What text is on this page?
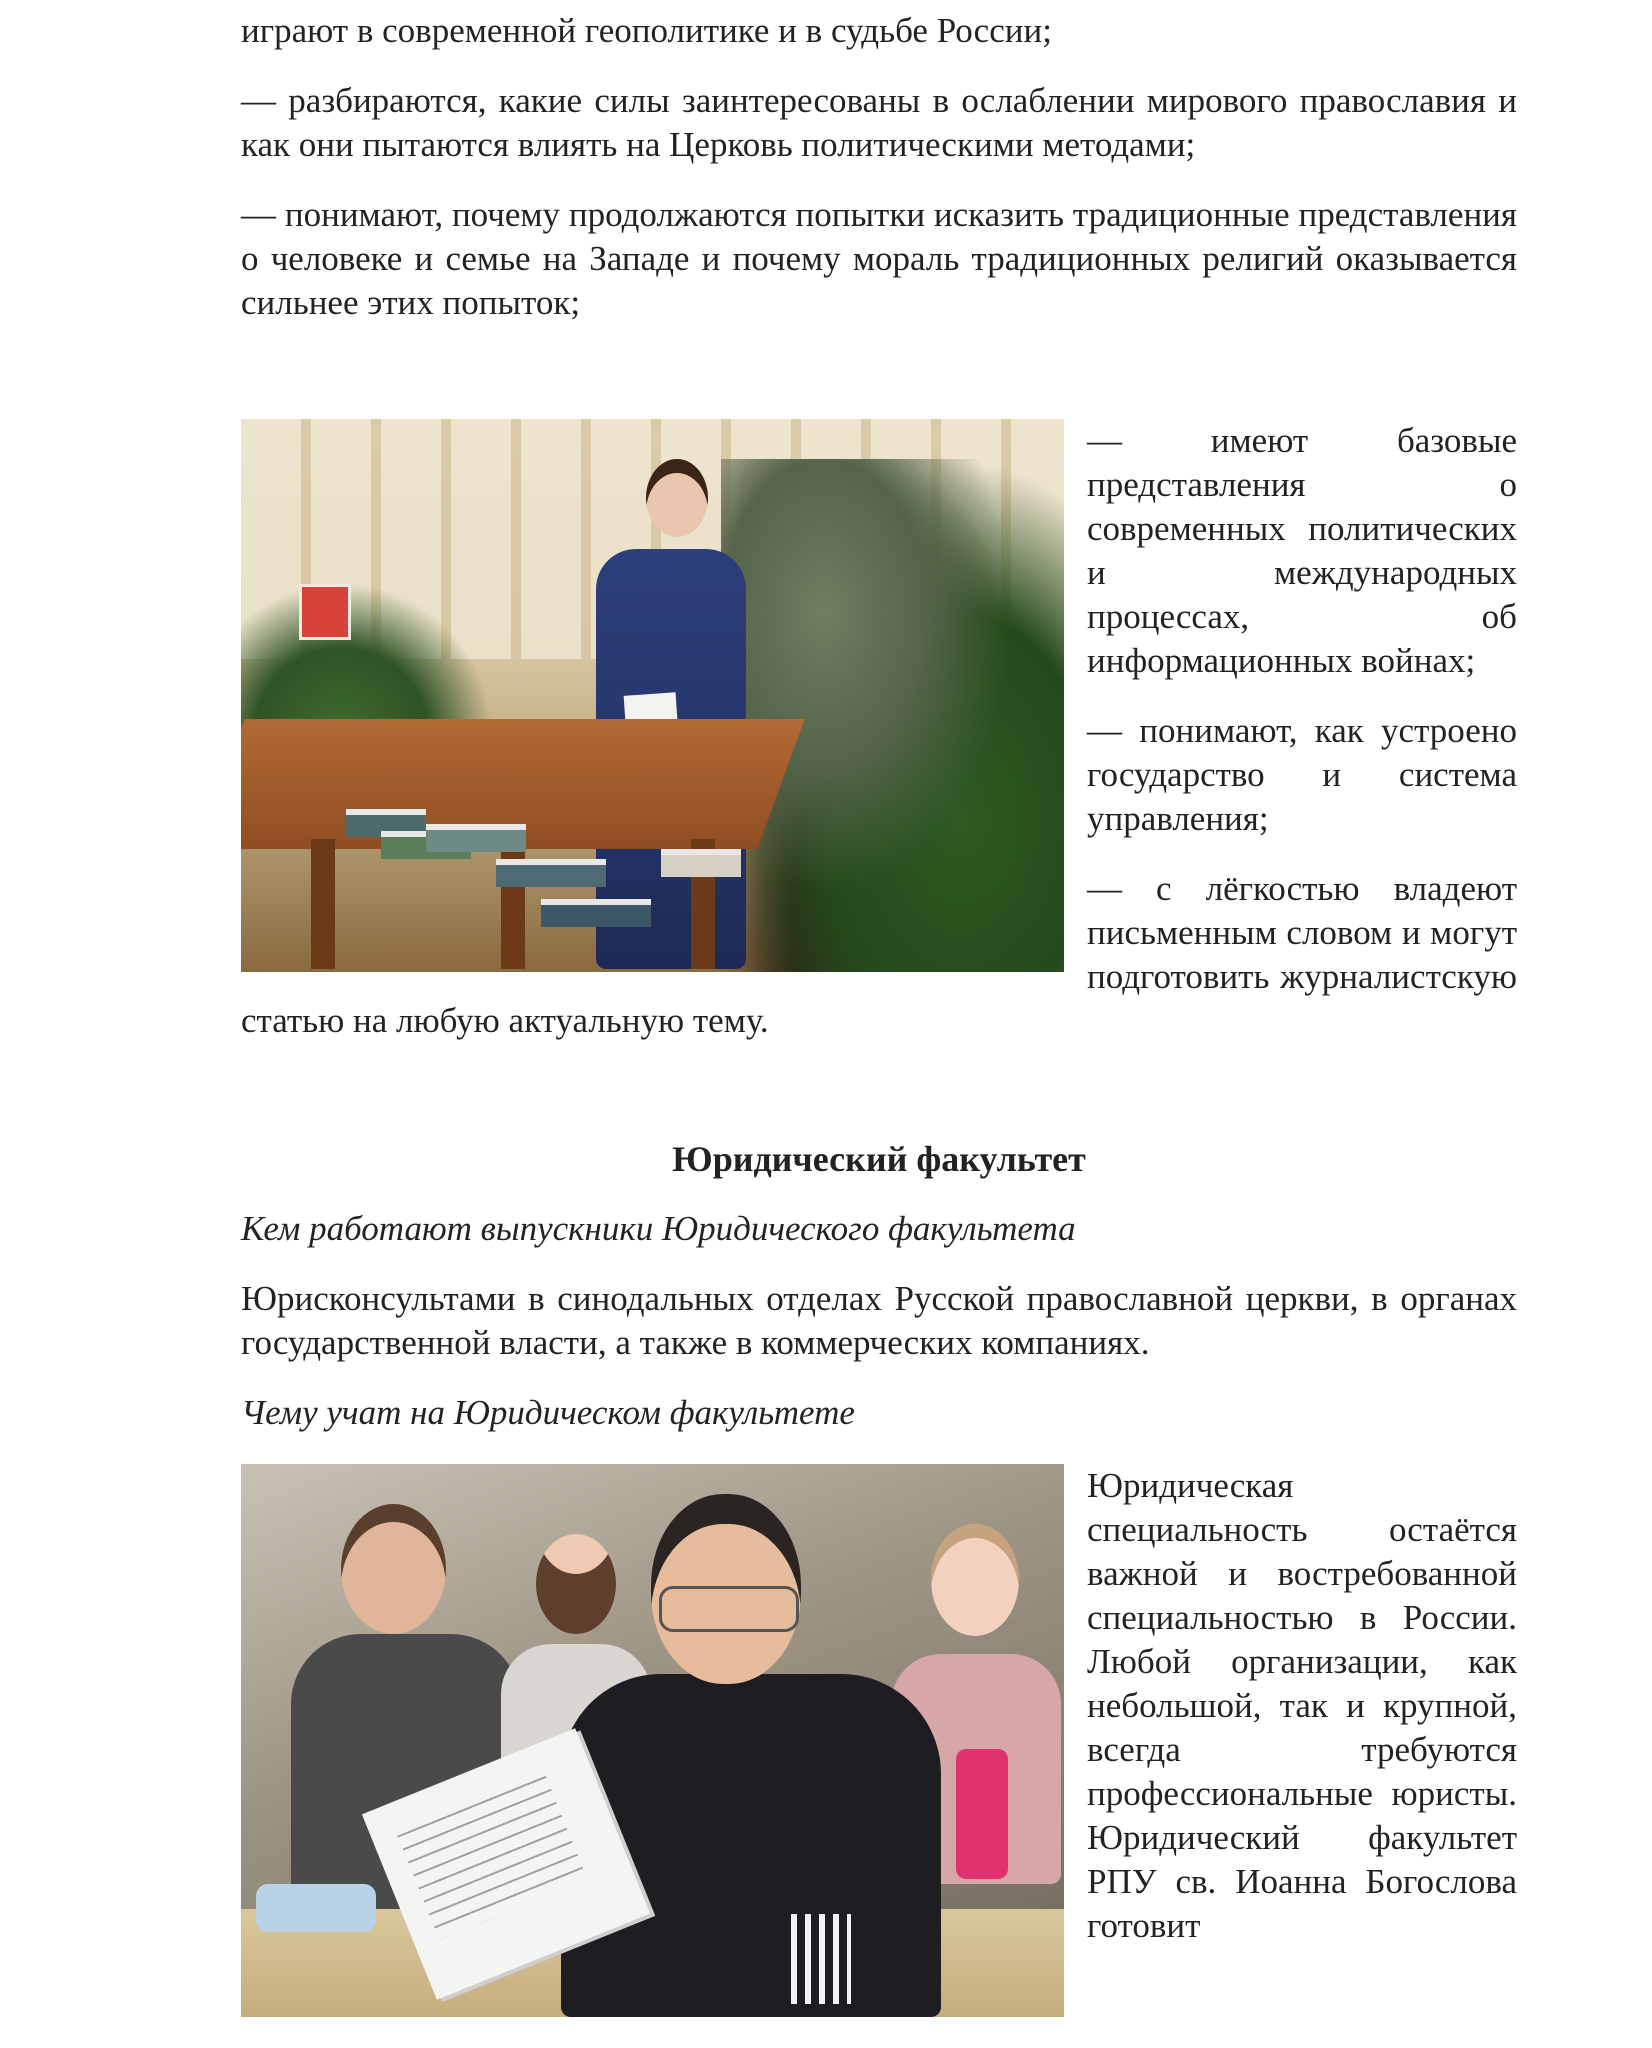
играют в современной геополитике и в судьбе России;

— разбираются, какие силы заинтересованы в ослаблении мирового православия и как они пытаются влиять на Церковь политическими методами;

— понимают, почему продолжаются попытки исказить традиционные представления о человеке и семье на Западе и почему мораль традиционных религий оказывается сильнее этих попыток;

— имеют базовые представления о современных политических и международных процессах, об информационных войнах;

— понимают, как устроено государство и система управления;

— с лёгкостью владеют письменным словом и могут подготовить журналистскую статью на любую актуальную тему.

Юридический факультет

Кем работают выпускники Юридического факультета

Юрисконсультами в синодальных отделах Русской православной церкви, в органах государственной власти, а также в коммерческих компаниях.

Чему учат на Юридическом факультете

Юридическая специальность остаётся важной и востребованной специальностью в России. Любой организации, как небольшой, так и крупной, всегда требуются профессиональные юристы. Юридический факультет РПУ св. Иоанна Богослова готовит
